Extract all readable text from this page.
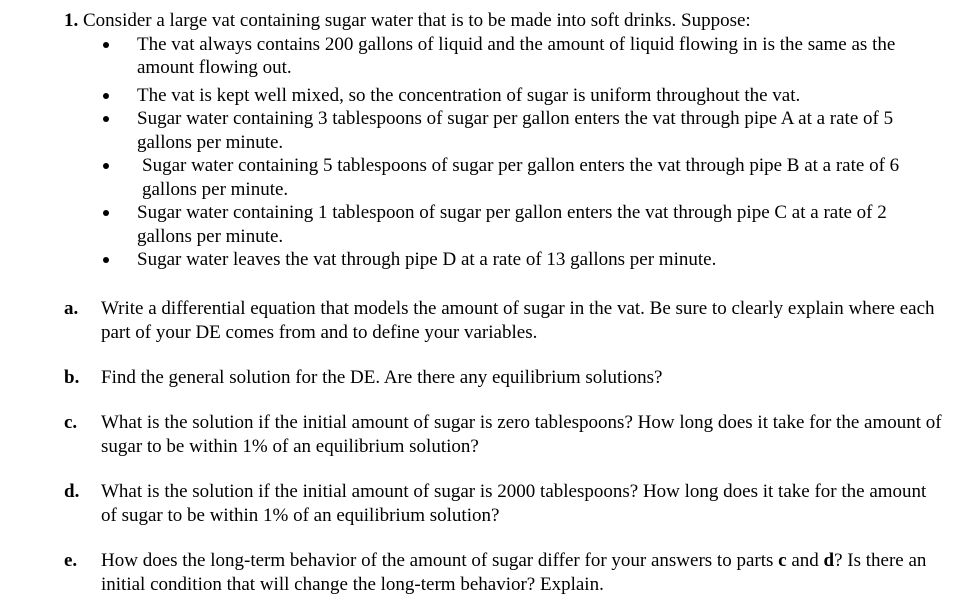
1. Consider a large vat containing sugar water that is to be made into soft drinks. Suppose:

The vat always contains 200 gallons of liquid and the amount of liquid flowing in is the same as the amount flowing out.
The vat is kept well mixed, so the concentration of sugar is uniform throughout the vat.
Sugar water containing 3 tablespoons of sugar per gallon enters the vat through pipe A at a rate of 5 gallons per minute.
Sugar water containing 5 tablespoons of sugar per gallon enters the vat through pipe B at a rate of 6 gallons per minute.
Sugar water containing 1 tablespoon of sugar per gallon enters the vat through pipe C at a rate of 2 gallons per minute.
Sugar water leaves the vat through pipe D at a rate of 13 gallons per minute.
a.	Write a differential equation that models the amount of sugar in the vat. Be sure to clearly explain where each part of your DE comes from and to define your variables.
b.	Find the general solution for the DE. Are there any equilibrium solutions?
c.	What is the solution if the initial amount of sugar is zero tablespoons? How long does it take for the amount of sugar to be within 1% of an equilibrium solution?
d.	What is the solution if the initial amount of sugar is 2000 tablespoons? How long does it take for the amount of sugar to be within 1% of an equilibrium solution?
e.	How does the long-term behavior of the amount of sugar differ for your answers to parts c and d? Is there an initial condition that will change the long-term behavior? Explain.
